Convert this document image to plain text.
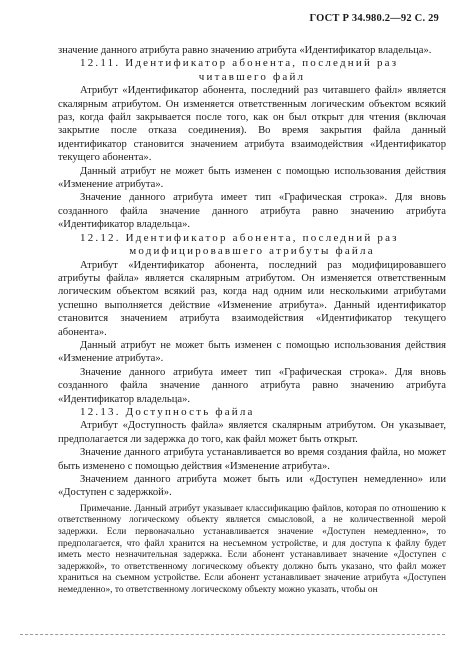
ГОСТ Р 34.980.2—92 С. 29

значение данного атрибута равно значению атрибута «Идентификатор владельца».

12.11. Идентификатор абонента, последний раз

читавшего файл

Атрибут «Идентификатор абонента, последний раз читавшего файл» является скалярным атрибутом. Он изменяется ответственным логическим объектом всякий раз, когда файл закрывается после того, как он был открыт для чтения (включая закрытие после отказа соединения). Во время закрытия файла данный идентификатор становится значением атрибута взаимодействия «Идентификатор текущего абонента».

Данный атрибут не может быть изменен с помощью использования действия «Изменение атрибута».

Значение данного атрибута имеет тип «Графическая строка». Для вновь созданного файла значение данного атрибута равно значению атрибута «Идентификатор владельца».

12.12. Идентификатор абонента, последний раз

модифицировавшего атрибуты файла

Атрибут «Идентификатор абонента, последний раз модифицировавшего атрибуты файла» является скалярным атрибутом. Он изменяется ответственным логическим объектом всякий раз, когда над одним или несколькими атрибутами успешно выполняется действие «Изменение атрибута». Данный идентификатор становится значением атрибута взаимодействия «Идентификатор текущего абонента».

Данный атрибут не может быть изменен с помощью использования действия «Изменение атрибута».

Значение данного атрибута имеет тип «Графическая строка». Для вновь созданного файла значение данного атрибута равно значению атрибута «Идентификатор владельца».

12.13. Доступность файла

Атрибут «Доступность файла» является скалярным атрибутом. Он указывает, предполагается ли задержка до того, как файл может быть открыт.

Значение данного атрибута устанавливается во время создания файла, но может быть изменено с помощью действия «Изменение атрибута».

Значением данного атрибута может быть или «Доступен немедленно» или «Доступен с задержкой».

Примечание. Данный атрибут указывает классификацию файлов, которая по отношению к ответственному логическому объекту является смысловой, а не количественной мерой задержки. Если первоначально устанавливается значение «Доступен немедленно», то предполагается, что файл хранится на несъемном устройстве, и для доступа к файлу будет иметь место незначительная задержка. Если абонент устанавливает значение «Доступен с задержкой», то ответственному логическому объекту должно быть указано, что файл может храниться на съемном устройстве. Если абонент устанавливает значение атрибута «Доступен немедленно», то ответственному логическому объекту можно указать, чтобы он
